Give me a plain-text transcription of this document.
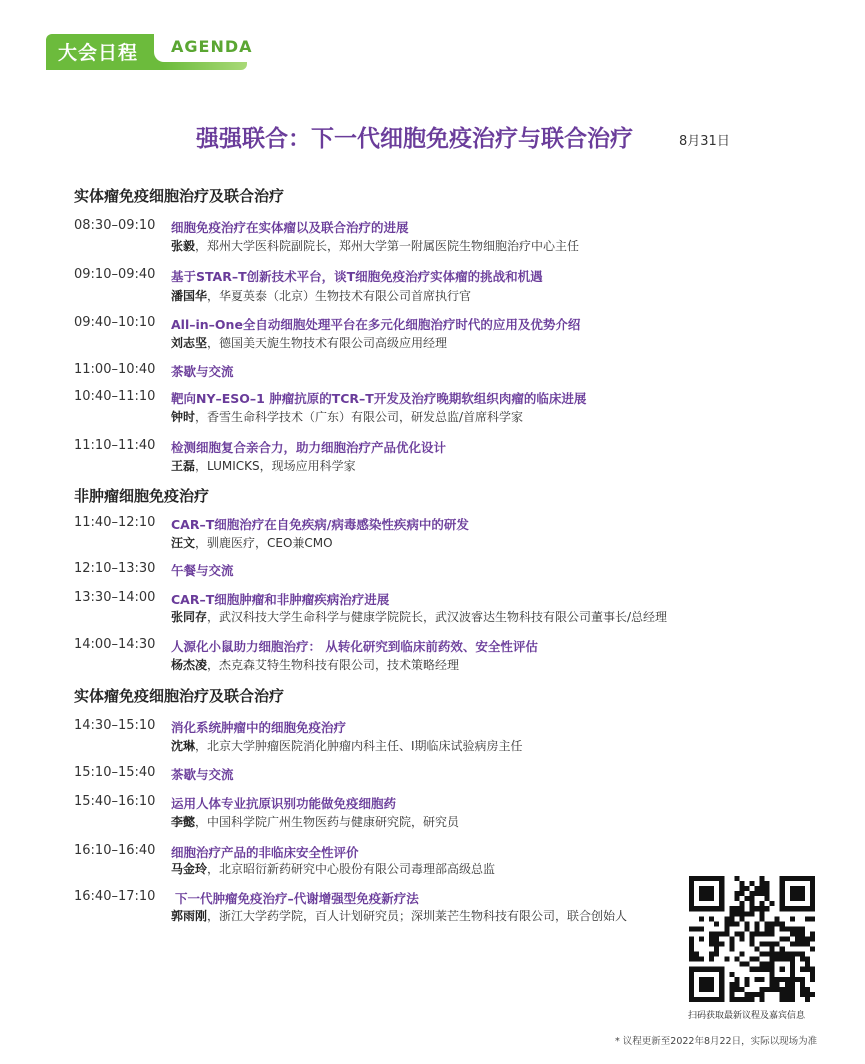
大会日程 AGENDA
强强联合：下一代细胞免疫治疗与联合治疗	8月31日
实体瘤免疫细胞治疗及联合治疗
非肿瘤细胞免疫治疗
实体瘤免疫细胞治疗及联合治疗
08:30–09:10 细胞免疫治疗在实体瘤以及联合治疗的进展
张毅，郑州大学医科院副院长，郑州大学第一附属医院生物细胞治疗中心主任
09:10–09:40 基于STAR–T创新技术平台，谈T细胞免疫治疗实体瘤的挑战和机遇
潘国华，华夏英泰（北京）生物技术有限公司首席执行官
09:40–10:10 All–in–One全自动细胞处理平台在多元化细胞治疗时代的应用及优势介绍
刘志坚，德国美天旎生物技术有限公司高级应用经理
11:00–10:40 茶歇与交流
10:40–11:10 靶向NY–ESO–1 肿瘤抗原的TCR–T开发及治疗晚期软组织肉瘤的临床进展
钟时，香雪生命科学技术（广东）有限公司，研发总监/首席科学家
11:10–11:40 检测细胞复合亲合力，助力细胞治疗产品优化设计
王磊，LUMICKS，现场应用科学家
11:40–12:10 CAR–T细胞治疗在自免疾病/病毒感染性疾病中的研发
汪文，驯鹿医疗，CEO兼CMO
12:10–13:30 午餐与交流
13:30–14:00 CAR–T细胞肿瘤和非肿瘤疾病治疗进展
张同存，武汉科技大学生命科学与健康学院院长，武汉波睿达生物科技有限公司董事长/总经理
14:00–14:30 人源化小鼠助力细胞治疗： 从转化研究到临床前药效、安全性评估
杨杰凌，杰克森艾特生物科技有限公司，技术策略经理
14:30–15:10 消化系统肿瘤中的细胞免疫治疗
沈琳，北京大学肿瘤医院消化肿瘤内科主任、I期临床试验病房主任
15:10–15:40 茶歇与交流
15:40–16:10 运用人体专业抗原识别功能做免疫细胞药
李懿，中国科学院广州生物医药与健康研究院，研究员
16:10–16:40 细胞治疗产品的非临床安全性评价
马金玲，北京昭衍新药研究中心股份有限公司毒理部高级总监
16:40–17:10 下一代肿瘤免疫治疗–代谢增强型免疫新疗法
郭雨刚，浙江大学药学院，百人计划研究员；深圳莱芒生物科技有限公司，联合创始人
扫码获取最新议程及嘉宾信息
* 议程更新至2022年8月22日，实际以现场为准
